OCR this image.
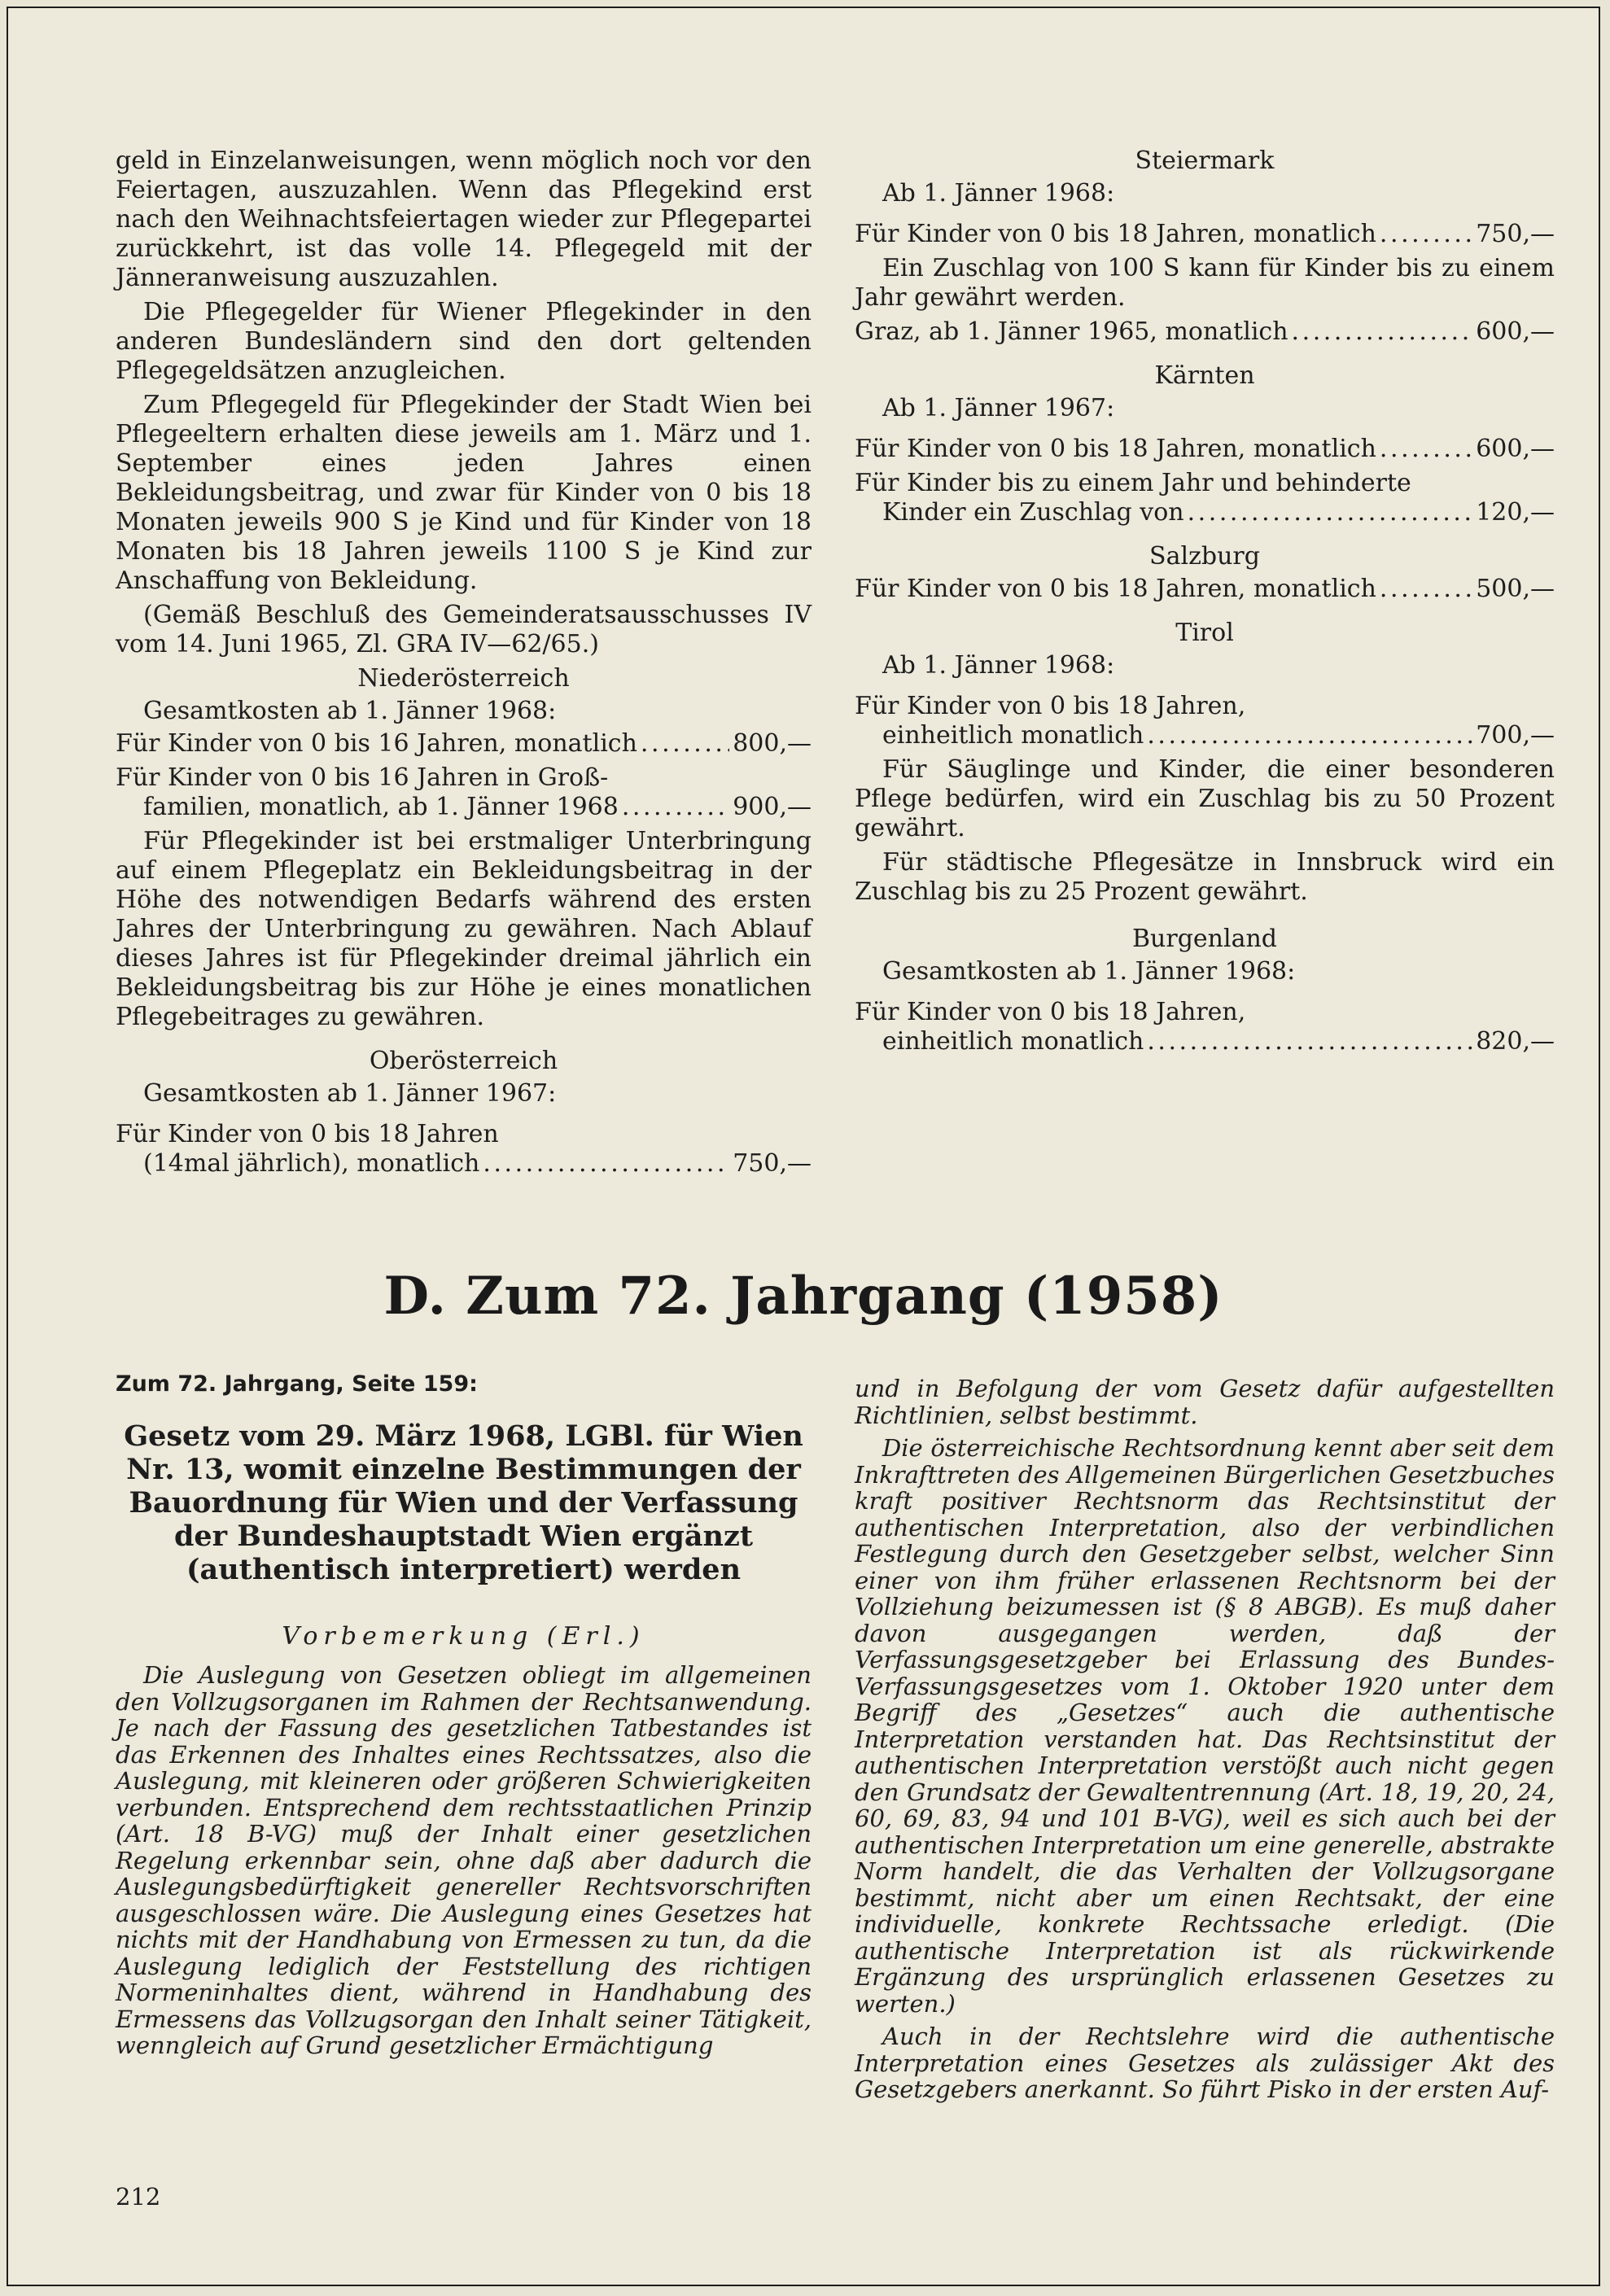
geld in Einzelanweisungen, wenn möglich noch vor den Feiertagen, auszuzahlen. Wenn das Pflegekind erst nach den Weihnachtsfeiertagen wieder zur Pflegepartei zurückkehrt, ist das volle 14. Pflegegeld mit der Jänneranweisung auszuzahlen.

Die Pflegegelder für Wiener Pflegekinder in den anderen Bundesländern sind den dort geltenden Pflegegeldsätzen anzugleichen.

Zum Pflegegeld für Pflegekinder der Stadt Wien bei Pflegeeltern erhalten diese jeweils am 1. März und 1. September eines jeden Jahres einen Bekleidungsbeitrag, und zwar für Kinder von 0 bis 18 Monaten jeweils 900 S je Kind und für Kinder von 18 Monaten bis 18 Jahren jeweils 1100 S je Kind zur Anschaffung von Bekleidung.

(Gemäß Beschluß des Gemeinderatsausschusses IV vom 14. Juni 1965, Zl. GRA IV—62/65.)

Niederösterreich
Gesamtkosten ab 1. Jänner 1968:
Für Kinder von 0 bis 16 Jahren, monatlich . . .	800,—
Für Kinder von 0 bis 16 Jahren in Groß-
familien, monatlich, ab 1. Jänner 1968 . . .	900,—

Für Pflegekinder ist bei erstmaliger Unterbringung auf einem Pflegeplatz ein Bekleidungsbeitrag in der Höhe des notwendigen Bedarfs während des ersten Jahres der Unterbringung zu gewähren. Nach Ablauf dieses Jahres ist für Pflegekinder dreimal jährlich ein Bekleidungsbeitrag bis zur Höhe je eines monatlichen Pflegebeitrages zu gewähren.

Oberösterreich
Gesamtkosten ab 1. Jänner 1967:
Für Kinder von 0 bis 18 Jahren
(14mal jährlich), monatlich . . .	750,—
Steiermark
Ab 1. Jänner 1968:
Für Kinder von 0 bis 18 Jahren, monatlich . . .	750,—

Ein Zuschlag von 100 S kann für Kinder bis zu einem Jahr gewährt werden.

Graz, ab 1. Jänner 1965, monatlich . . .	600,—
Kärnten
Ab 1. Jänner 1967:
Für Kinder von 0 bis 18 Jahren, monatlich . . .	600,—
Für Kinder bis zu einem Jahr und behinderte
Kinder ein Zuschlag von . . .	120,—
Salzburg
Für Kinder von 0 bis 18 Jahren, monatlich . . .	500,—
Tirol
Ab 1. Jänner 1968:
Für Kinder von 0 bis 18 Jahren,
einheitlich monatlich . . .	700,—

Für Säuglinge und Kinder, die einer besonderen Pflege bedürfen, wird ein Zuschlag bis zu 50 Prozent gewährt.

Für städtische Pflegesätze in Innsbruck wird ein Zuschlag bis zu 25 Prozent gewährt.

Burgenland
Gesamtkosten ab 1. Jänner 1968:
Für Kinder von 0 bis 18 Jahren,
einheitlich monatlich . . .	820,—
D. Zum 72. Jahrgang (1958)
Zum 72. Jahrgang, Seite 159:
Gesetz vom 29. März 1968, LGBl. für Wien Nr. 13, womit einzelne Bestimmungen der Bauordnung für Wien und der Verfassung der Bundeshauptstadt Wien ergänzt (authentisch interpretiert) werden
Vorbemerkung (Erl.)

Die Auslegung von Gesetzen obliegt im allgemeinen den Vollzugsorganen im Rahmen der Rechtsanwendung. Je nach der Fassung des gesetzlichen Tatbestandes ist das Erkennen des Inhaltes eines Rechtssatzes, also die Auslegung, mit kleineren oder größeren Schwierigkeiten verbunden. Entsprechend dem rechtsstaatlichen Prinzip (Art. 18 B-VG) muß der Inhalt einer gesetzlichen Regelung erkennbar sein, ohne daß aber dadurch die Auslegungsbedürftigkeit genereller Rechtsvorschriften ausgeschlossen wäre. Die Auslegung eines Gesetzes hat nichts mit der Handhabung von Ermessen zu tun, da die Auslegung lediglich der Feststellung des richtigen Normeninhaltes dient, während in Handhabung des Ermessens das Vollzugsorgan den Inhalt seiner Tätigkeit, wenngleich auf Grund gesetzlicher Ermächtigung

und in Befolgung der vom Gesetz dafür aufgestellten Richtlinien, selbst bestimmt.

Die österreichische Rechtsordnung kennt aber seit dem Inkrafttreten des Allgemeinen Bürgerlichen Gesetzbuches kraft positiver Rechtsnorm das Rechtsinstitut der authentischen Interpretation, also der verbindlichen Festlegung durch den Gesetzgeber selbst, welcher Sinn einer von ihm früher erlassenen Rechtsnorm bei der Vollziehung beizumessen ist (§ 8 ABGB). Es muß daher davon ausgegangen werden, daß der Verfassungsgesetzgeber bei Erlassung des Bundes-Verfassungsgesetzes vom 1. Oktober 1920 unter dem Begriff des „Gesetzes“ auch die authentische Interpretation verstanden hat. Das Rechtsinstitut der authentischen Interpretation verstößt auch nicht gegen den Grundsatz der Gewaltentrennung (Art. 18, 19, 20, 24, 60, 69, 83, 94 und 101 B-VG), weil es sich auch bei der authentischen Interpretation um eine generelle, abstrakte Norm handelt, die das Verhalten der Vollzugsorgane bestimmt, nicht aber um einen Rechtsakt, der eine individuelle, konkrete Rechtssache erledigt. (Die authentische Interpretation ist als rückwirkende Ergänzung des ursprünglich erlassenen Gesetzes zu werten.)

Auch in der Rechtslehre wird die authentische Interpretation eines Gesetzes als zulässiger Akt des Gesetzgebers anerkannt. So führt Pisko in der ersten Auf-

212
